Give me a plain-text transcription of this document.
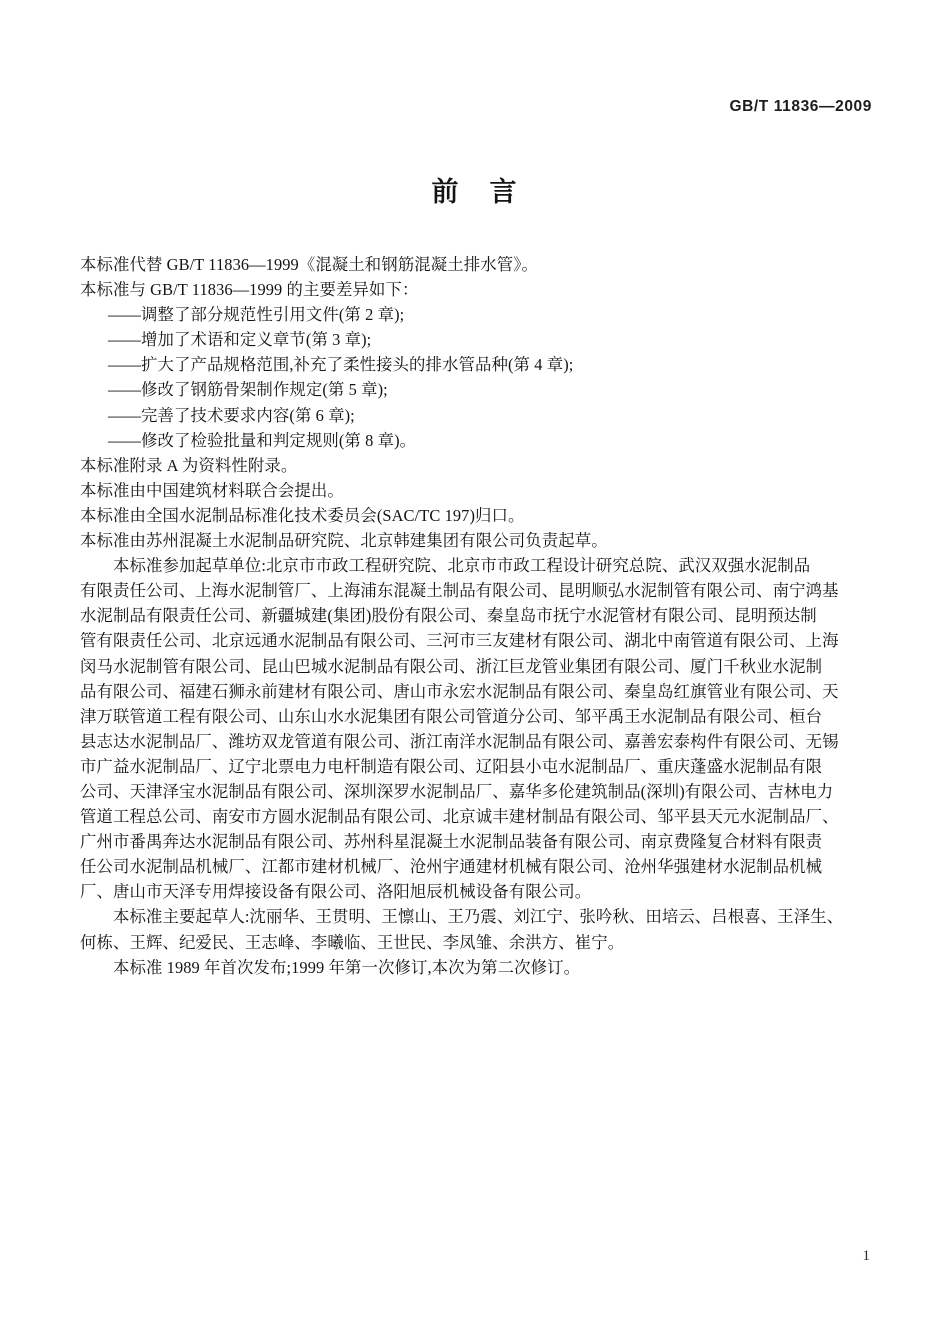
GB/T 11836—2009
前　言
本标准代替 GB/T 11836—1999《混凝土和钢筋混凝土排水管》。
本标准与 GB/T 11836—1999 的主要差异如下：
——调整了部分规范性引用文件(第 2 章);
——增加了术语和定义章节(第 3 章);
——扩大了产品规格范围,补充了柔性接头的排水管品种(第 4 章);
——修改了钢筋骨架制作规定(第 5 章);
——完善了技术要求内容(第 6 章);
——修改了检验批量和判定规则(第 8 章)。
本标准附录 A 为资料性附录。
本标准由中国建筑材料联合会提出。
本标准由全国水泥制品标准化技术委员会(SAC/TC 197)归口。
本标准由苏州混凝土水泥制品研究院、北京韩建集团有限公司负责起草。
　　本标准参加起草单位:北京市市政工程研究院、北京市市政工程设计研究总院、武汉双强水泥制品
有限责任公司、上海水泥制管厂、上海浦东混凝土制品有限公司、昆明顺弘水泥制管有限公司、南宁鸿基
水泥制品有限责任公司、新疆城建(集团)股份有限公司、秦皇岛市抚宁水泥管材有限公司、昆明预达制
管有限责任公司、北京远通水泥制品有限公司、三河市三友建材有限公司、湖北中南管道有限公司、上海
闵马水泥制管有限公司、昆山巴城水泥制品有限公司、浙江巨龙管业集团有限公司、厦门千秋业水泥制
品有限公司、福建石狮永前建材有限公司、唐山市永宏水泥制品有限公司、秦皇岛红旗管业有限公司、天
津万联管道工程有限公司、山东山水水泥集团有限公司管道分公司、邹平禹王水泥制品有限公司、桓台
县志达水泥制品厂、潍坊双龙管道有限公司、浙江南洋水泥制品有限公司、嘉善宏泰构件有限公司、无锡
市广益水泥制品厂、辽宁北票电力电杆制造有限公司、辽阳县小屯水泥制品厂、重庆蓬盛水泥制品有限
公司、天津泽宝水泥制品有限公司、深圳深罗水泥制品厂、嘉华多伦建筑制品(深圳)有限公司、吉林电力
管道工程总公司、南安市方圆水泥制品有限公司、北京诚丰建材制品有限公司、邹平县天元水泥制品厂、
广州市番禺奔达水泥制品有限公司、苏州科星混凝土水泥制品装备有限公司、南京费隆复合材料有限责
任公司水泥制品机械厂、江都市建材机械厂、沧州宇通建材机械有限公司、沧州华强建材水泥制品机械
厂、唐山市天泽专用焊接设备有限公司、洛阳旭辰机械设备有限公司。
　　本标准主要起草人:沈丽华、王贯明、王懔山、王乃震、刘江宁、张吟秋、田培云、吕根喜、王泽生、
何栋、王辉、纪爱民、王志峰、李曦临、王世民、李凤雏、余洪方、崔宁。
　　本标准 1989 年首次发布;1999 年第一次修订,本次为第二次修订。
1
